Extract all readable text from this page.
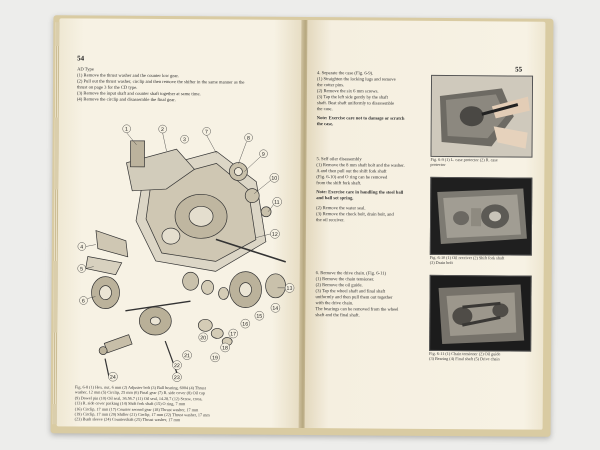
54
AD Type
(1) Remove the thrust washer and the counter low gear.
(2) Pull out the thrust washer, circlip and then remove the shifter in the same manner as the
thrust on page 3 for the CD type.
(3) Remove the input shaft and counter shaft together at same time.
(4) Remove the circlip and disassemble the final gear.
1	2	7
8
9
10
11
12
4
5
6
13
14
15
16
17
18
19
20
21
22
23
24
3
Fig. 6-8 (1) Hex. nut, 6 mm (2) Adjuster bolt (3) Ball bearing, 6004 (4) Thrust
washer, 12 mm (5) Circlip, 25 mm (6) Final gear (7) R. side cover (8) Oil cap
(9) Dowel pin (10) Oil seal, 36.56.7 (11) Oil seal, 14.28.7 (12) Screw, cross,
(13) R. side cover packing (14) Shift fork shaft (15) O ring, 7 mm
(16) Circlip, 17 mm (17) Counter second gear (18) Thrust washer, 17 mm
(19) Circlip, 17 mm (20) Shifter (21) Circlip, 17 mm (22) Thrust washer, 17 mm
(23) Bush sleeve (24) Countershaft (25) Thrust washer, 17 mm
55
4. Separate the case (Fig. 6-9).
(1) Straighten the locking lugs and remove
the cotter pins.
(2) Remove the six 6 mm screws.
(3) Tap the left side gently by the shaft
shaft. Beat shaft uniformly to disassemble
the case.
Note: Exercise care not to damage or scratch
the case.
5. Self oiler disassembly
(1) Remove the 8 mm shaft bolt and the washer.
A and then pull out the shift fork shaft
(Fig. 6-10) and O ring can be removed
from the shift fork shaft.
Note: Exercise care in handling the steel ball
and ball set spring.
(2) Remove the water seal.
(3) Remove the check bolt, drain bolt, and
the oil receiver.
6. Remove the drive chain. (Fig. 6-11)
(1) Remove the chain tensioner.
(2) Remove the oil guide.
(3) Tap the wheel shaft and final shaft
uniformly and then pull them out together
with the drive chain.
The bearings can be removed from the wheel
shaft and the final shaft.
Fig. 6-9 (1) L. case protector (2) R. case
protector
Fig. 6-10 (1) Oil receiver (2) Shift fork shaft
(3) Drain bolt
Fig. 6-11 (1) Chain tensioner (2) Oil guide
(3) Bearing (4) Final shaft (5) Drive chain
